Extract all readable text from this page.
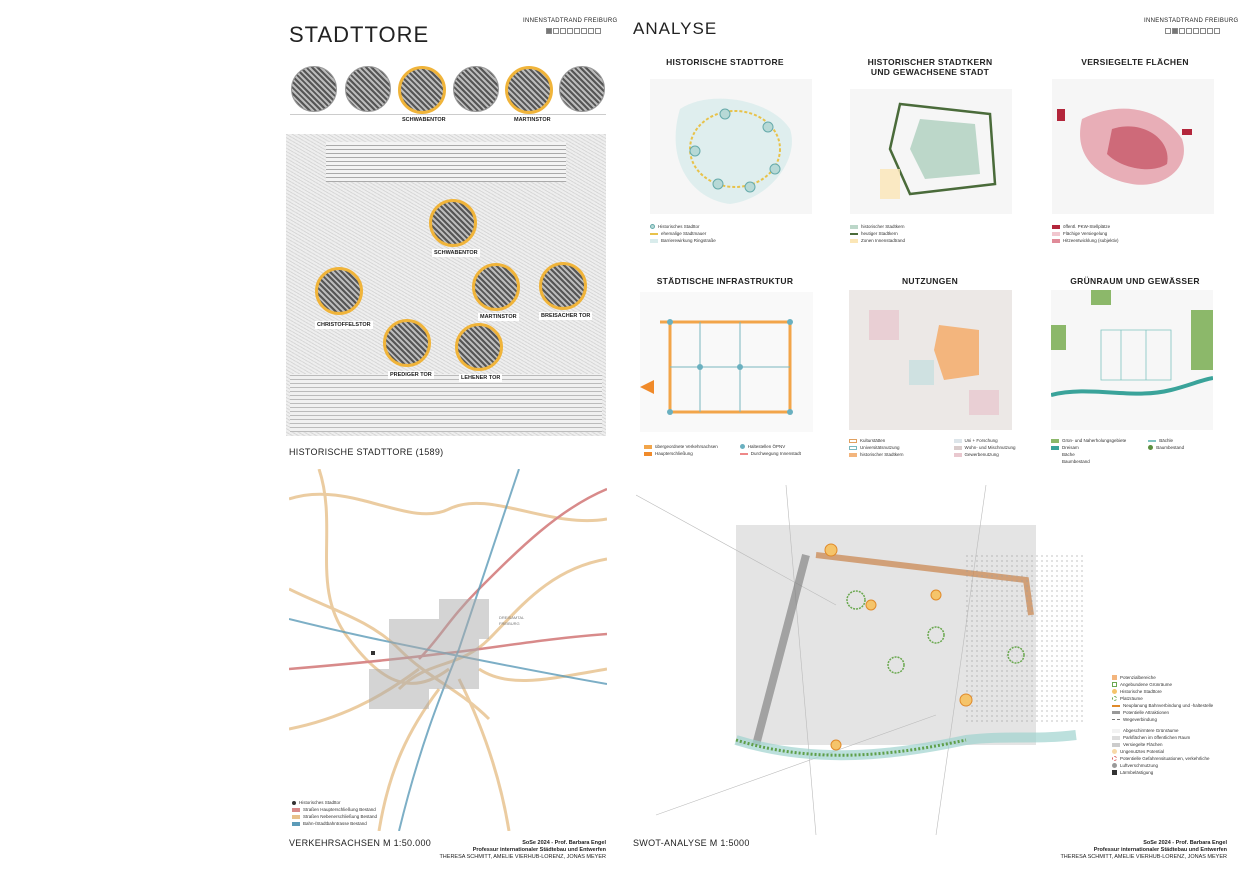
STADTTORE
INNENSTADTRAND FREIBURG
SCHWABENTOR	MARTINSTOR
SCHWABENTOR
CHRISTOFFELSTOR
MARTINSTOR	BREISACHER TOR
PREDIGER TOR	LEHENER TOR
HISTORISCHE STADTTORE (1589)
DREISAMTAL
FREIBURG
Historisches Stadttor
Straßen Haupterschließung Bestand
Straßen Nebenerschließung Bestand
Bahn-/Stadtbahntrasse Bestand
VERKEHRSACHSEN M 1:50.000	SoSe 2024 - Prof. Barbara Engel
Professur internationaler Städtebau und Entwerfen
THERESA SCHMITT, AMELIE VIERHUB-LORENZ, JONAS MEYER
ANALYSE	INNENSTADTRAND FREIBURG
HISTORISCHE STADTTORE
Historisches Stadttor
ehemalige Stadtmauer
Barrierewirkung Ringstraße
HISTORISCHER STADTKERN
UND GEWACHSENE STADT
historischer Stadtkern
heutiger Stadtkern
Zonen Innenstadtrand
VERSIEGELTE FLÄCHEN
öffentl. PKW-Stellplätze
Flächige Versiegelung
Hitzeentwicklung (subjektiv)
STÄDTISCHE INFRASTRUKTUR
übergeordnete Verkehrsachsen
Haupterschließung
Haltestellen ÖPNV
Durchwegung Innenstadt
NUTZUNGEN
Kulturstätten
Universitätsnutzung
historischer Stadtkern
Uni + Forschung
Wohn- und Mischnutzung
Gewerbenutzung
GRÜNRAUM UND GEWÄSSER
Grün- und Naherholungsgebiete
Dreisam
Bäche
Baumbestand
Bächle
Baumbestand
Potenzialbereiche
Angebundene Grünräume
Historische Stadttore
Platzräume
Neuplanung Bahnverbindung und -haltestelle
Potentielle Attraktionen
Wegeverbindung
Abgeschirmtere Grünräume
Parkflächen im öffentlichen Raum
Versiegelte Flächen
Ungenutztes Potential
Potentielle Gefahrensituationen, verkehrliche
Luftverschmutzung
Lärmbelästigung
SWOT-ANALYSE M 1:5000	SoSe 2024 - Prof. Barbara Engel
Professur internationaler Städtebau und Entwerfen
THERESA SCHMITT, AMELIE VIERHUB-LORENZ, JONAS MEYER
